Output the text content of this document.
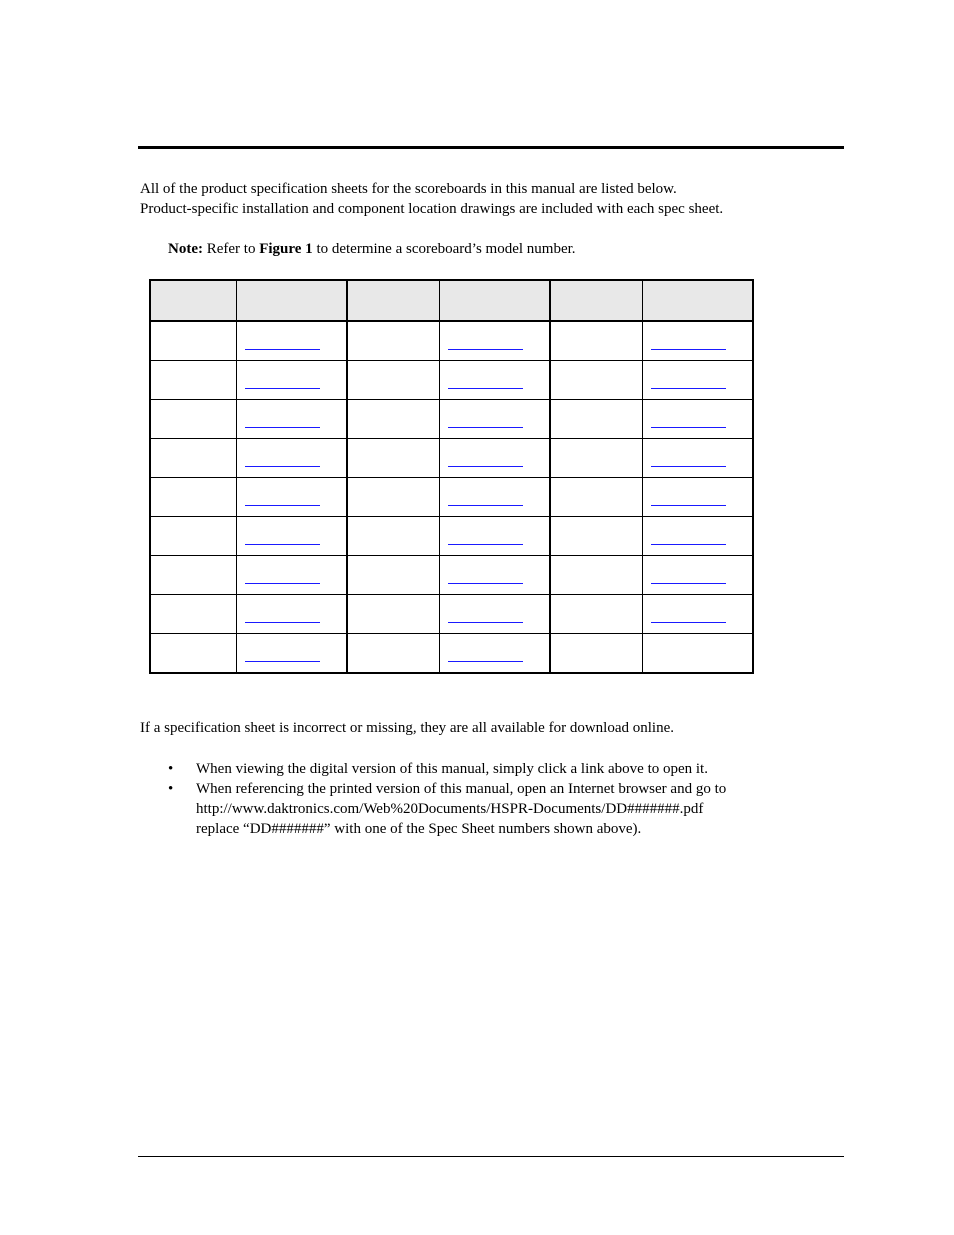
All of the product specification sheets for the scoreboards in this manual are listed below.
Product-specific installation and component location drawings are included with each spec sheet.
Note: Refer to Figure 1 to determine a scoreboard’s model number.

If a specification sheet is incorrect or missing, they are all available for download online.
• When viewing the digital version of this manual, simply click a link above to open it.
• When referencing the printed version of this manual, open an Internet browser and go to
http://www.daktronics.com/Web%20Documents/HSPR-Documents/DD#######.pdf
replace “DD#######” with one of the Spec Sheet numbers shown above).
